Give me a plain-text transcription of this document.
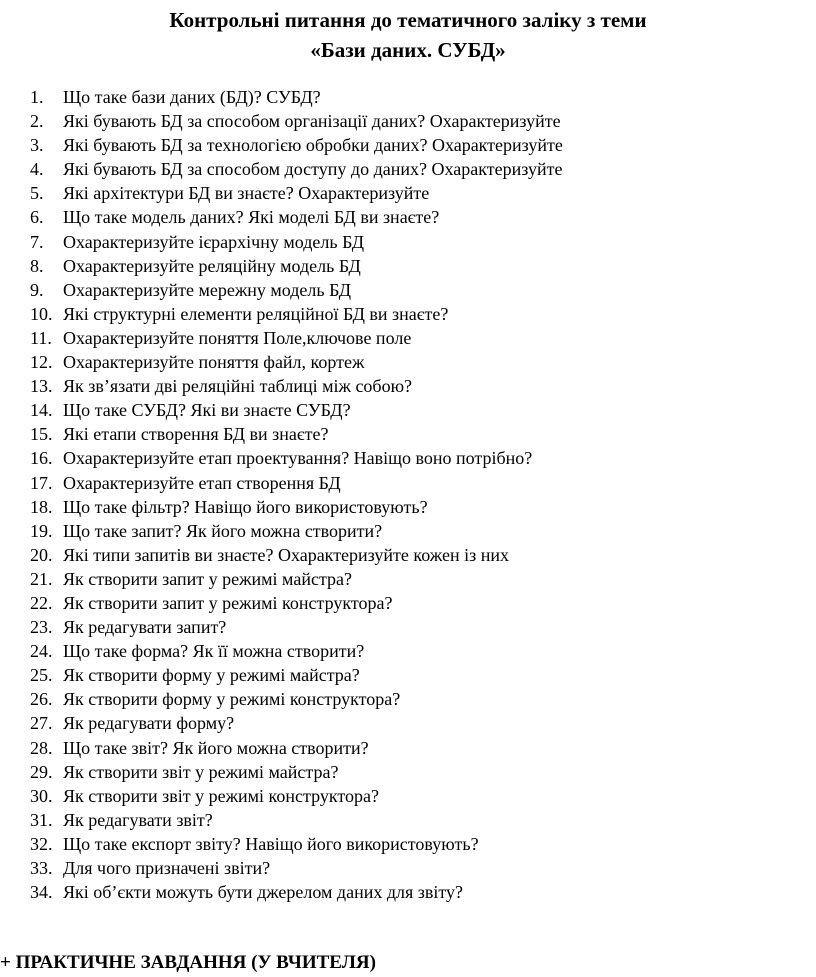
Контрольні питання до тематичного заліку з теми
«Бази даних. СУБД»
1.	Що таке бази даних (БД)? СУБД?
2.	Які бувають БД за способом організації даних? Охарактеризуйте
3.	Які бувають БД за технологією обробки даних? Охарактеризуйте
4.	Які бувають БД за способом доступу до даних? Охарактеризуйте
5.	Які архітектури БД ви знаєте? Охарактеризуйте
6.	Що таке модель даних? Які моделі БД ви знаєте?
7.	Охарактеризуйте ієрархічну модель БД
8.	Охарактеризуйте реляційну модель БД
9.	Охарактеризуйте мережну модель БД
10. Які структурні елементи реляційної БД ви знаєте?
11. Охарактеризуйте поняття Поле,ключове поле
12. Охарактеризуйте поняття файл, кортеж
13. Як зв’язати дві реляційні таблиці між собою?
14. Що таке СУБД? Які ви знаєте СУБД?
15. Які етапи створення БД ви знаєте?
16. Охарактеризуйте етап проектування? Навіщо воно потрібно?
17. Охарактеризуйте етап створення БД
18. Що таке фільтр? Навіщо його використовують?
19. Що таке запит? Як його можна створити?
20. Які типи запитів ви знаєте? Охарактеризуйте кожен із них
21. Як створити запит у режимі майстра?
22. Як створити запит у режимі конструктора?
23. Як редагувати запит?
24. Що таке форма? Як її можна створити?
25. Як створити форму у режимі майстра?
26. Як створити форму у режимі конструктора?
27. Як редагувати форму?
28. Що таке звіт? Як його можна створити?
29. Як створити звіт у режимі майстра?
30. Як створити звіт у режимі конструктора?
31. Як редагувати звіт?
32. Що таке експорт звіту? Навіщо його використовують?
33. Для чого призначені звіти?
34. Які об’єкти можуть бути джерелом даних для звіту?

+ ПРАКТИЧНЕ ЗАВДАННЯ (У ВЧИТЕЛЯ)
